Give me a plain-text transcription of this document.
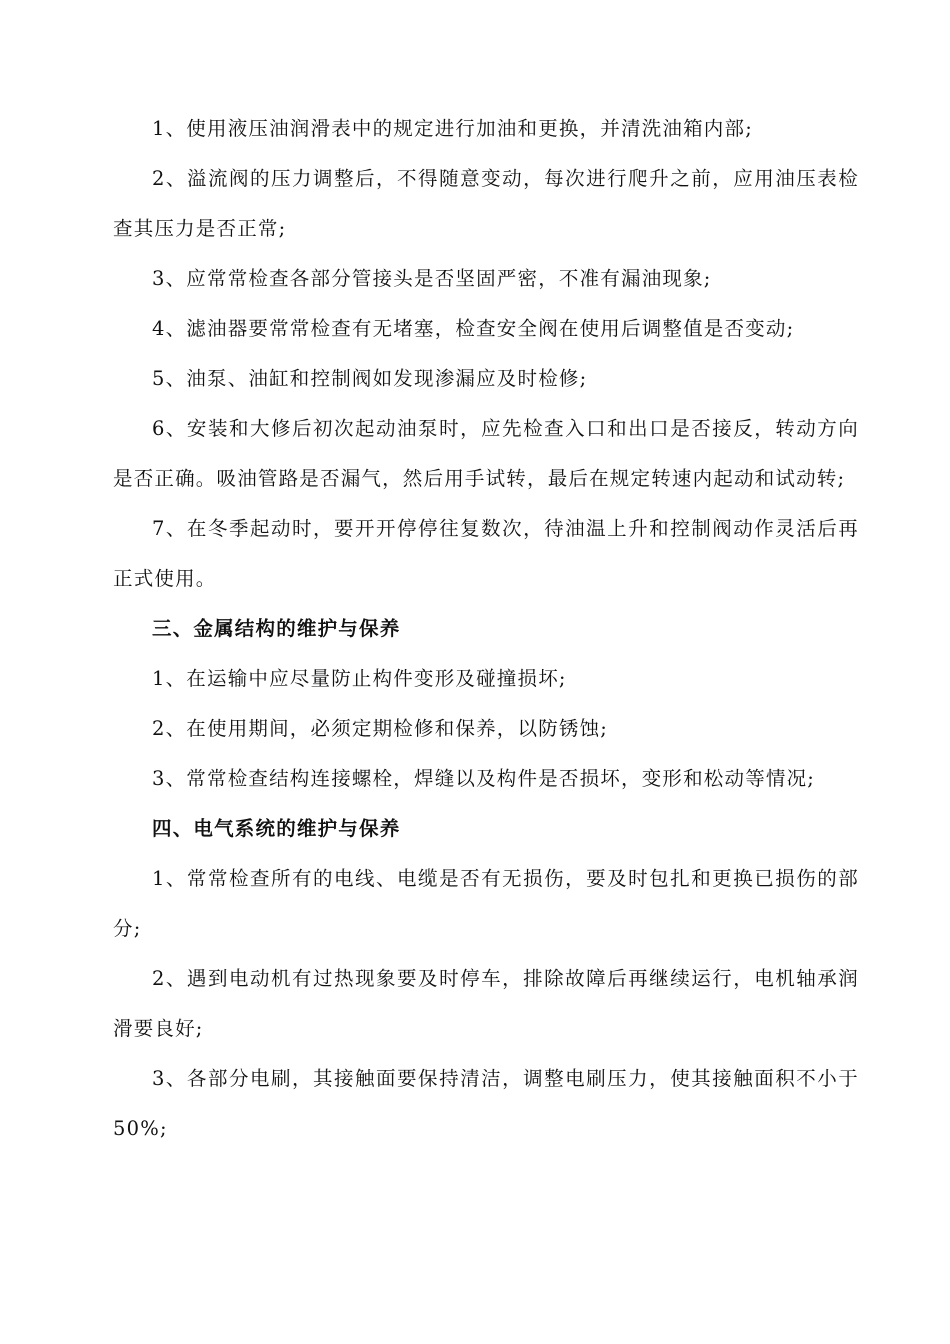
1、使用液压油润滑表中的规定进行加油和更换，并清洗油箱内部;

2、溢流阀的压力调整后，不得随意变动，每次进行爬升之前，应用油压表检查其压力是否正常;

3、应常常检查各部分管接头是否坚固严密，不准有漏油现象;

4、滤油器要常常检查有无堵塞，检查安全阀在使用后调整值是否变动;

5、油泵、油缸和控制阀如发现渗漏应及时检修;

6、安装和大修后初次起动油泵时，应先检查入口和出口是否接反，转动方向是否正确。吸油管路是否漏气，然后用手试转，最后在规定转速内起动和试动转;

7、在冬季起动时，要开开停停往复数次，待油温上升和控制阀动作灵活后再正式使用。

三、金属结构的维护与保养

1、在运输中应尽量防止构件变形及碰撞损坏;

2、在使用期间，必须定期检修和保养，以防锈蚀;

3、常常检查结构连接螺栓，焊缝以及构件是否损坏，变形和松动等情况;

四、电气系统的维护与保养

1、常常检查所有的电线、电缆是否有无损伤，要及时包扎和更换已损伤的部分;

2、遇到电动机有过热现象要及时停车，排除故障后再继续运行，电机轴承润滑要良好;

3、各部分电刷，其接触面要保持清洁，调整电刷压力，使其接触面积不小于50%;
